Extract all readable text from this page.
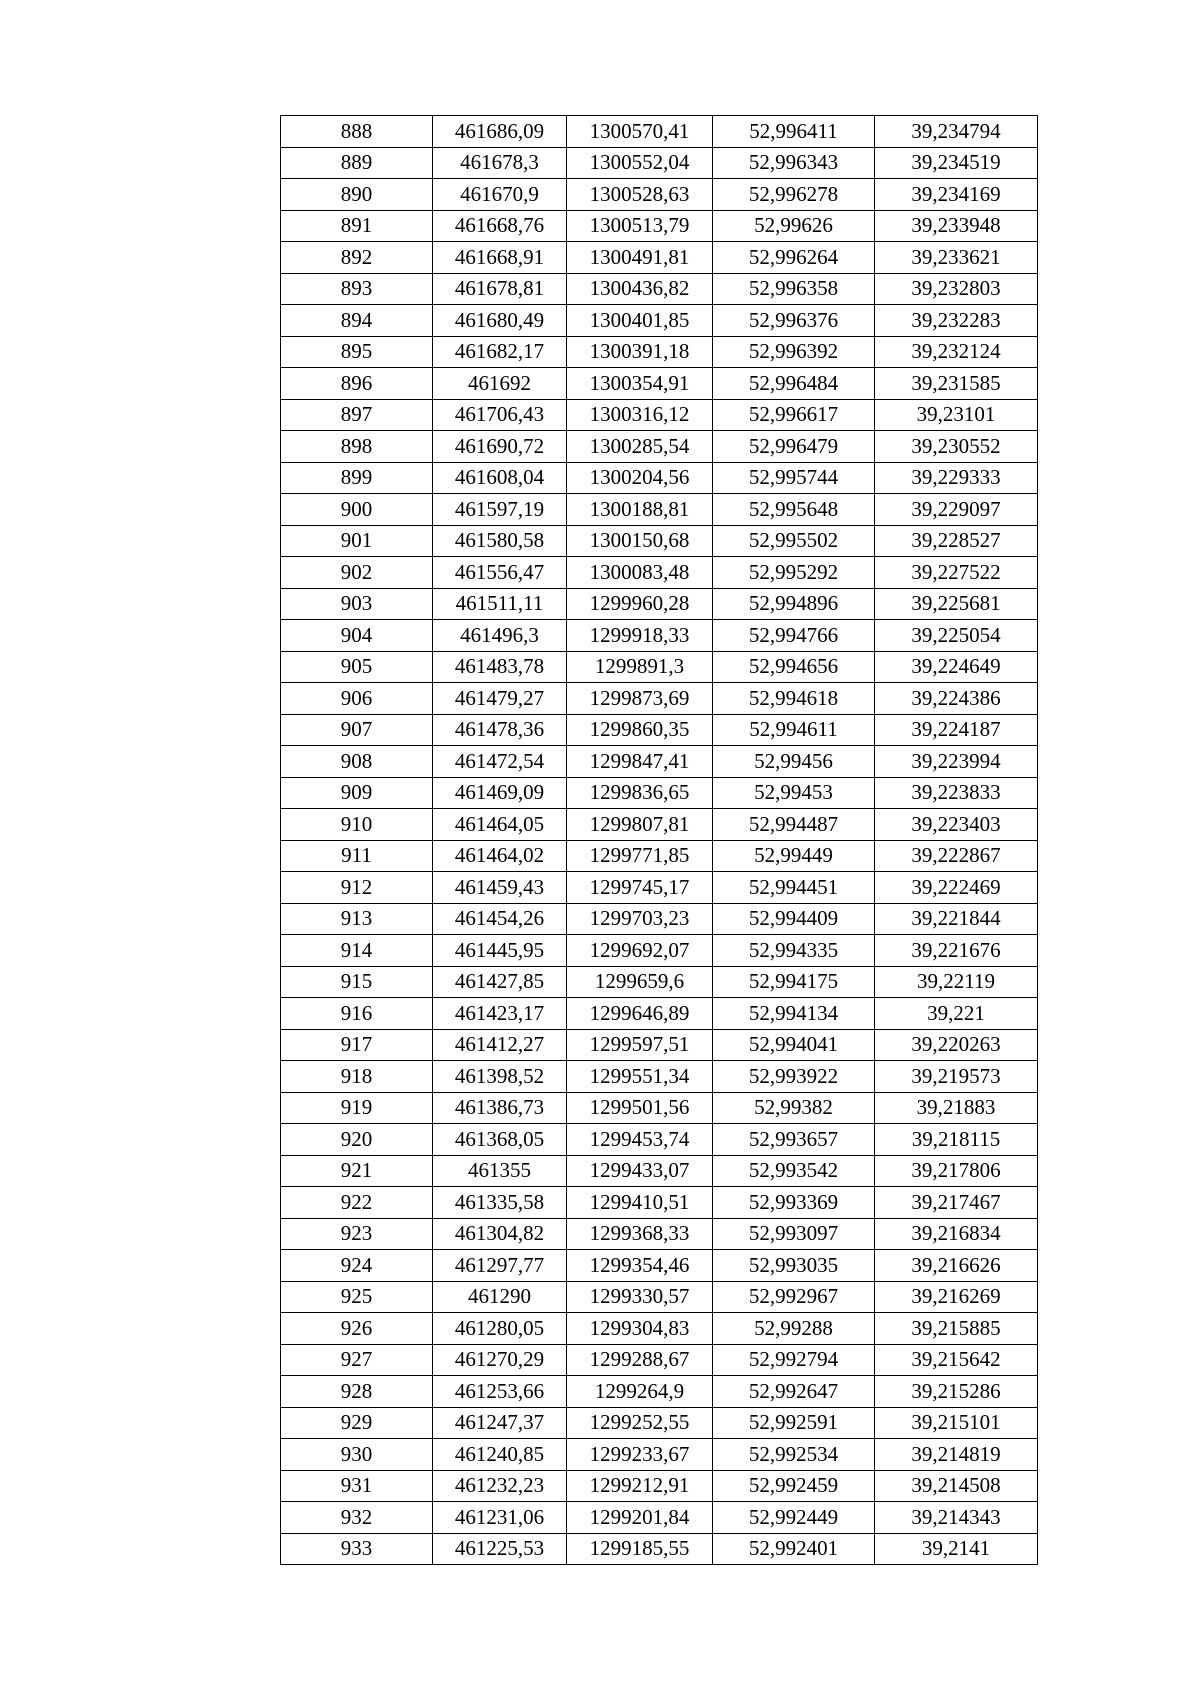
888	461686,09	1300570,41	52,996411	39,234794
889	461678,3	1300552,04	52,996343	39,234519
890	461670,9	1300528,63	52,996278	39,234169
891	461668,76	1300513,79	52,99626	39,233948
892	461668,91	1300491,81	52,996264	39,233621
893	461678,81	1300436,82	52,996358	39,232803
894	461680,49	1300401,85	52,996376	39,232283
895	461682,17	1300391,18	52,996392	39,232124
896	461692	1300354,91	52,996484	39,231585
897	461706,43	1300316,12	52,996617	39,23101
898	461690,72	1300285,54	52,996479	39,230552
899	461608,04	1300204,56	52,995744	39,229333
900	461597,19	1300188,81	52,995648	39,229097
901	461580,58	1300150,68	52,995502	39,228527
902	461556,47	1300083,48	52,995292	39,227522
903	461511,11	1299960,28	52,994896	39,225681
904	461496,3	1299918,33	52,994766	39,225054
905	461483,78	1299891,3	52,994656	39,224649
906	461479,27	1299873,69	52,994618	39,224386
907	461478,36	1299860,35	52,994611	39,224187
908	461472,54	1299847,41	52,99456	39,223994
909	461469,09	1299836,65	52,99453	39,223833
910	461464,05	1299807,81	52,994487	39,223403
911	461464,02	1299771,85	52,99449	39,222867
912	461459,43	1299745,17	52,994451	39,222469
913	461454,26	1299703,23	52,994409	39,221844
914	461445,95	1299692,07	52,994335	39,221676
915	461427,85	1299659,6	52,994175	39,22119
916	461423,17	1299646,89	52,994134	39,221
917	461412,27	1299597,51	52,994041	39,220263
918	461398,52	1299551,34	52,993922	39,219573
919	461386,73	1299501,56	52,99382	39,21883
920	461368,05	1299453,74	52,993657	39,218115
921	461355	1299433,07	52,993542	39,217806
922	461335,58	1299410,51	52,993369	39,217467
923	461304,82	1299368,33	52,993097	39,216834
924	461297,77	1299354,46	52,993035	39,216626
925	461290	1299330,57	52,992967	39,216269
926	461280,05	1299304,83	52,99288	39,215885
927	461270,29	1299288,67	52,992794	39,215642
928	461253,66	1299264,9	52,992647	39,215286
929	461247,37	1299252,55	52,992591	39,215101
930	461240,85	1299233,67	52,992534	39,214819
931	461232,23	1299212,91	52,992459	39,214508
932	461231,06	1299201,84	52,992449	39,214343
933	461225,53	1299185,55	52,992401	39,2141
